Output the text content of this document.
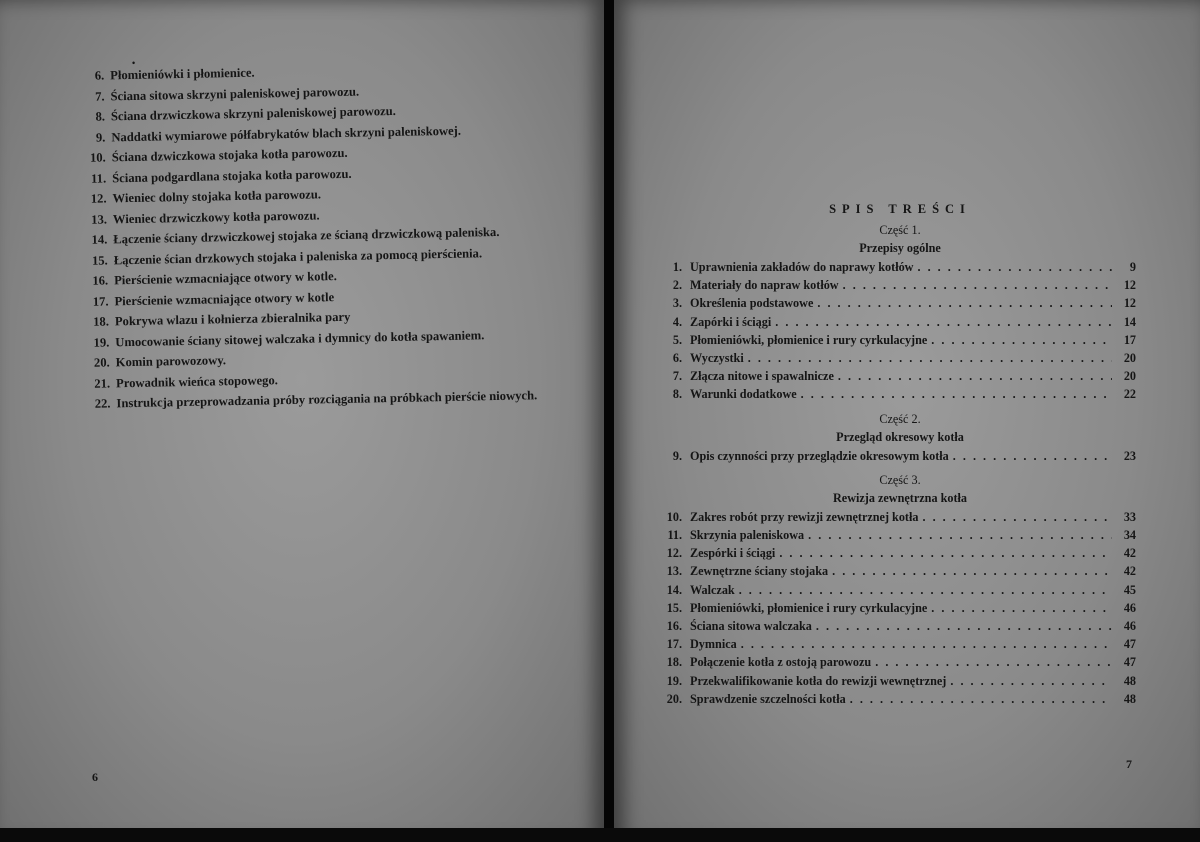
•
6. Płomieniówki i płomienice.
7. Ściana sitowa skrzyni paleniskowej parowozu.
8. Ściana drzwiczkowa skrzyni paleniskowej parowozu.
9. Naddatki wymiarowe półfabrykatów blach skrzyni paleniskowej.
10. Ściana dzwiczkowa stojaka kotła parowozu.
11. Ściana podgardlana stojaka kotła parowozu.
12. Wieniec dolny stojaka kotła parowozu.
13. Wieniec drzwiczkowy kotła parowozu.
14. Łączenie ściany drzwiczkowej stojaka ze ścianą drzwiczkową paleniska.
15. Łączenie ścian drzkowych stojaka i paleniska za pomocą pierścienia.
16. Pierścienie wzmacniające otwory w kotle.
17. Pierścienie wzmacniające otwory w kotle
18. Pokrywa wlazu i kołnierza zbieralnika pary
19. Umocowanie ściany sitowej walczaka i dymnicy do kotła spawaniem.
20. Komin parowozowy.
21. Prowadnik wieńca stopowego.
22. Instrukcja przeprowadzania próby rozciągania na próbkach pierście niowych.
6
SPIS TREŚCI
Część 1.
Przepisy ogólne
1. Uprawnienia zakładów do naprawy kotłów . . .	9
2. Materiały do napraw kotłów . . .	12
3. Określenia podstawowe . . .	12
4. Zapórki i ściągi . . .	14
5. Płomieniówki, płomienice i rury cyrkulacyjne . . .	17
6. Wyczystki . . .	20
7. Złącza nitowe i spawalnicze . . .	20
8. Warunki dodatkowe . . .	22
Część 2.
Przegląd okresowy kotła
9. Opis czynności przy przeglądzie okresowym kotła . . .	23
Część 3.
Rewizja zewnętrzna kotła
10. Zakres robót przy rewizji zewnętrznej kotła . . .	33
11. Skrzynia paleniskowa . . .	34
12. Zespórki i ściągi . . .	42
13. Zewnętrzne ściany stojaka . . .	42
14. Walczak . . .	45
15. Płomieniówki, płomienice i rury cyrkulacyjne . . .	46
16. Ściana sitowa walczaka . . .	46
17. Dymnica . . .	47
18. Połączenie kotła z ostoją parowozu . . .	47
19. Przekwalifikowanie kotła do rewizji wewnętrznej . . .	48
20. Sprawdzenie szczelności kotła . . .	48
7
